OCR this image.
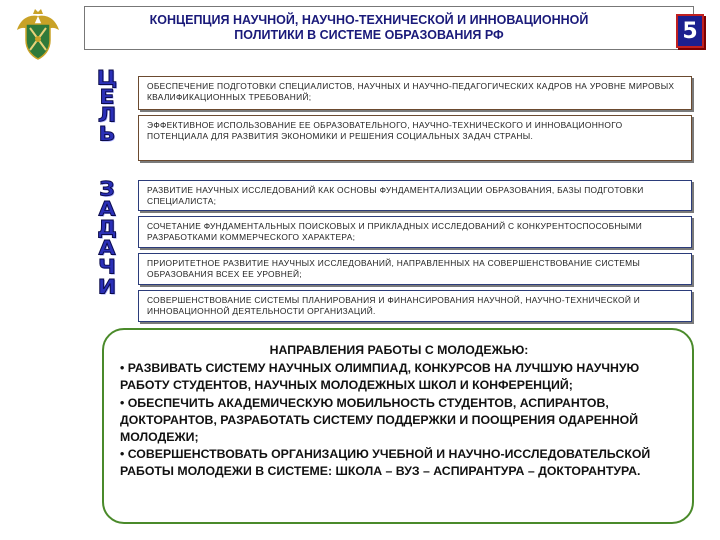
КОНЦЕПЦИЯ НАУЧНОЙ, НАУЧНО-ТЕХНИЧЕСКОЙ И ИННОВАЦИОННОЙ
ПОЛИТИКИ В СИСТЕМЕ ОБРАЗОВАНИЯ РФ	5
Ц
Е
Л
Ь
З
А
Д
А
Ч
И
ОБЕСПЕЧЕНИЕ ПОДГОТОВКИ СПЕЦИАЛИСТОВ, НАУЧНЫХ И НАУЧНО-ПЕДАГОГИЧЕСКИХ КАДРОВ НА УРОВНЕ МИРОВЫХ КВАЛИФИКАЦИОННЫХ ТРЕБОВАНИЙ;
ЭФФЕКТИВНОЕ ИСПОЛЬЗОВАНИЕ ЕЕ ОБРАЗОВАТЕЛЬНОГО, НАУЧНО-ТЕХНИЧЕСКОГО И ИННОВАЦИОННОГО ПОТЕНЦИАЛА ДЛЯ РАЗВИТИЯ ЭКОНОМИКИ И РЕШЕНИЯ СОЦИАЛЬНЫХ ЗАДАЧ СТРАНЫ.
РАЗВИТИЕ НАУЧНЫХ ИССЛЕДОВАНИЙ КАК ОСНОВЫ ФУНДАМЕНТАЛИЗАЦИИ ОБРАЗОВАНИЯ, БАЗЫ ПОДГОТОВКИ СПЕЦИАЛИСТА;
СОЧЕТАНИЕ ФУНДАМЕНТАЛЬНЫХ ПОИСКОВЫХ И ПРИКЛАДНЫХ ИССЛЕДОВАНИЙ С КОНКУРЕНТОСПОСОБНЫМИ РАЗРАБОТКАМИ КОММЕРЧЕСКОГО ХАРАКТЕРА;
ПРИОРИТЕТНОЕ РАЗВИТИЕ НАУЧНЫХ ИССЛЕДОВАНИЙ, НАПРАВЛЕННЫХ НА СОВЕРШЕНСТВОВАНИЕ СИСТЕМЫ ОБРАЗОВАНИЯ ВСЕХ ЕЕ УРОВНЕЙ;
СОВЕРШЕНСТВОВАНИЕ СИСТЕМЫ ПЛАНИРОВАНИЯ И ФИНАНСИРОВАНИЯ НАУЧНОЙ, НАУЧНО-ТЕХНИЧЕСКОЙ И ИННОВАЦИОННОЙ ДЕЯТЕЛЬНОСТИ ОРГАНИЗАЦИЙ.
НАПРАВЛЕНИЯ РАБОТЫ С МОЛОДЕЖЬЮ:
• РАЗВИВАТЬ СИСТЕМУ НАУЧНЫХ ОЛИМПИАД, КОНКУРСОВ НА ЛУЧШУЮ НАУЧНУЮ РАБОТУ СТУДЕНТОВ, НАУЧНЫХ МОЛОДЕЖНЫХ ШКОЛ И КОНФЕРЕНЦИЙ;
• ОБЕСПЕЧИТЬ АКАДЕМИЧЕСКУЮ МОБИЛЬНОСТЬ СТУДЕНТОВ, АСПИРАНТОВ, ДОКТОРАНТОВ, РАЗРАБОТАТЬ СИСТЕМУ ПОДДЕРЖКИ И ПООЩРЕНИЯ ОДАРЕННОЙ МОЛОДЕЖИ;
• СОВЕРШЕНСТВОВАТЬ ОРГАНИЗАЦИЮ УЧЕБНОЙ И НАУЧНО-ИССЛЕДОВАТЕЛЬСКОЙ РАБОТЫ МОЛОДЕЖИ В СИСТЕМЕ: ШКОЛА – ВУЗ – АСПИРАНТУРА – ДОКТОРАНТУРА.
